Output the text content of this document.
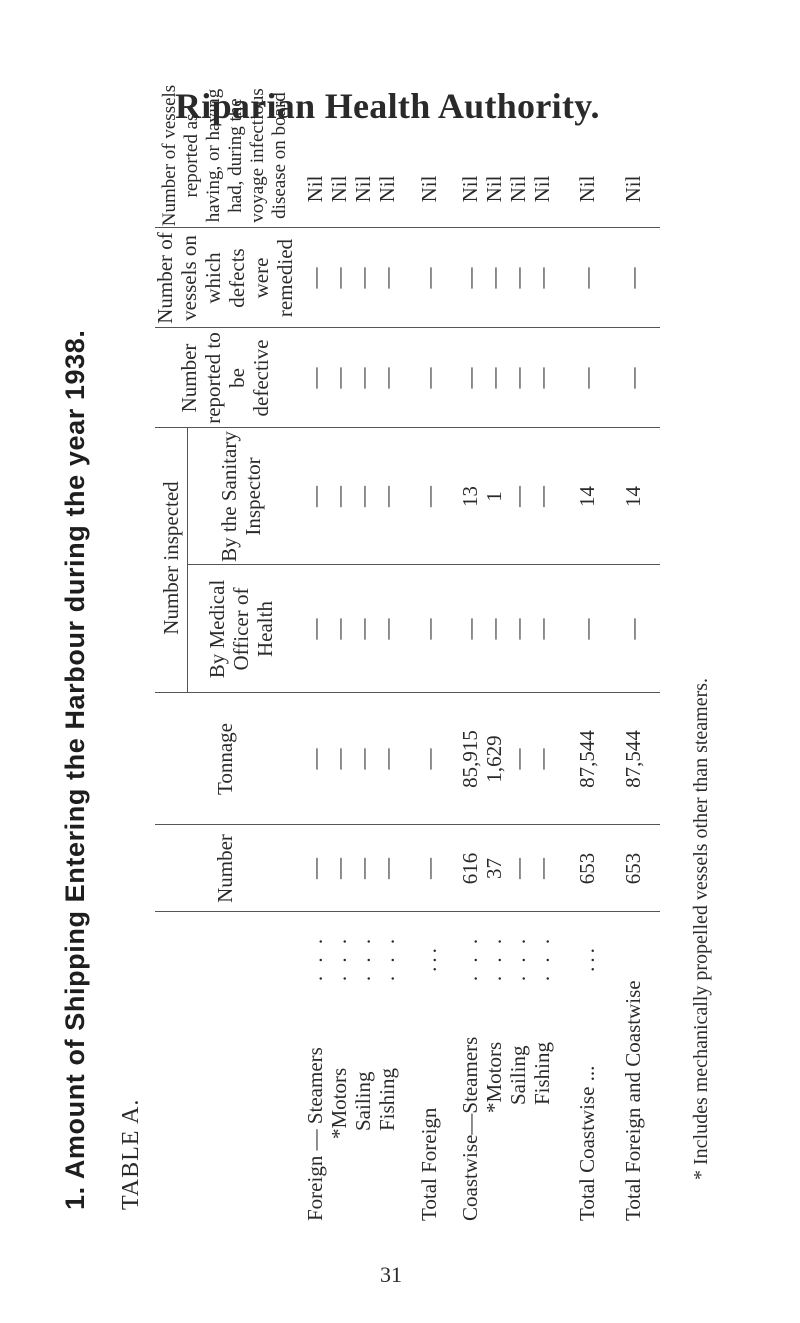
1. Amount of Shipping Entering the Harbour during the year 1938. TABLE A.
Riparian Health Authority.
Number
Tonnage
Number inspected By Medical Officer of Health
By the Sanitary Inspector
Number reported to be defective
Number of vessels on which defects were remedied
Number of vessels reported as having, or having had, during the voyage infectious disease on board
Foreign — Steamers
. . .
—
—
—
—
—
—
Nil
*Motors
. . .
—
—
—
—
—
—
Nil
Sailing
. . .
—
—
—
—
—
—
Nil
Fishing
. . .
—
—
—
—
—
—
Nil
Total Foreign
...
—
—
—
—
—
—
Nil
Coastwise—Steamers
. . .
616
85,915
—
13
—
—
Nil
*Motors
. . .
37
1,629
—
1
—
—
Nil
Sailing
. . .
—
—
—
—
—
—
Nil
Fishing
. . .
—
—
—
—
—
—
Nil
Total Coastwise ...
...
653
87,544
—
14
—
—
Nil
Total Foreign and Coastwise
653
87,544
—
14
—
—
Nil
* Includes mechanically propelled vessels other than steamers.
31
